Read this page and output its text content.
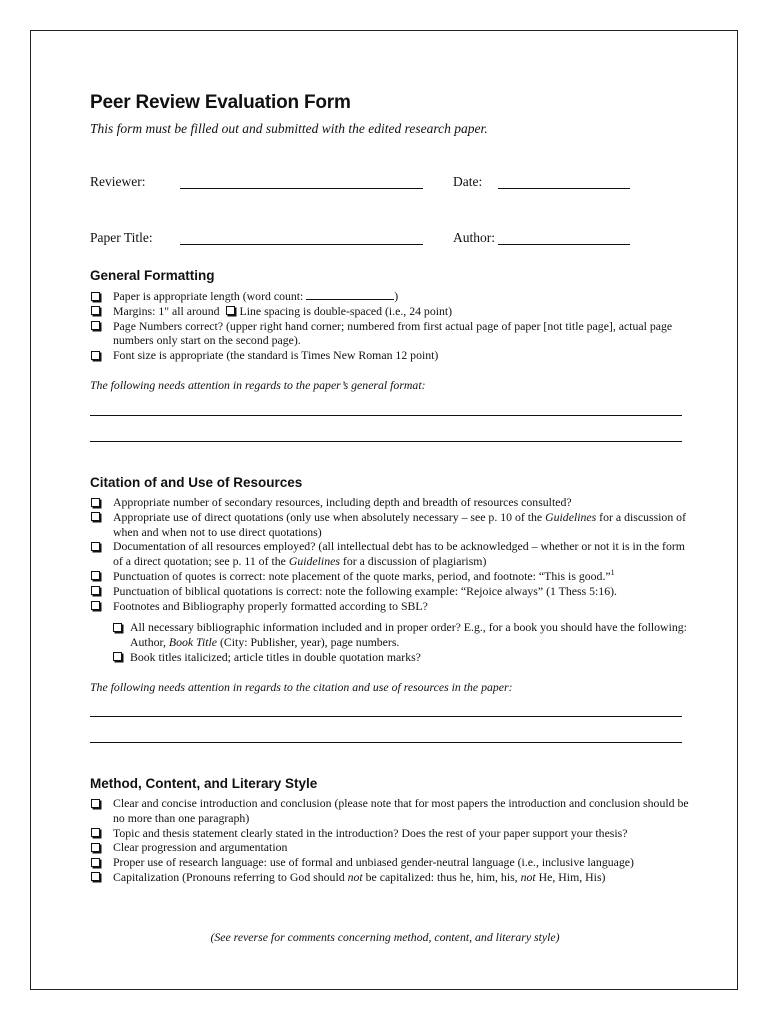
Peer Review Evaluation Form
This form must be filled out and submitted with the edited research paper.
Reviewer:	Date:
Paper Title:	Author:
General Formatting
Paper is appropriate length (word count:	)
Margins: 1" all around Line spacing is double-spaced (i.e., 24 point)
Page Numbers correct? (upper right hand corner; numbered from first actual page of paper [not title page], actual page numbers only start on the second page).
Font size is appropriate (the standard is Times New Roman 12 point)
The following needs attention in regards to the paper’s general format:
Citation of and Use of Resources
Appropriate number of secondary resources, including depth and breadth of resources consulted?
Appropriate use of direct quotations (only use when absolutely necessary – see p. 10 of the Guidelines for a discussion of when and when not to use direct quotations)
Documentation of all resources employed? (all intellectual debt has to be acknowledged – whether or not it is in the form of a direct quotation; see p. 11 of the Guidelines for a discussion of plagiarism)
Punctuation of quotes is correct: note placement of the quote marks, period, and footnote: “This is good.”$^1$
Punctuation of biblical quotations is correct: note the following example: “Rejoice always” (1 Thess 5:16).
Footnotes and Bibliography properly formatted according to SBL?
All necessary bibliographic information included and in proper order? E.g., for a book you should have the following: Author, Book Title (City: Publisher, year), page numbers.
Book titles italicized; article titles in double quotation marks?
The following needs attention in regards to the citation and use of resources in the paper:
Method, Content, and Literary Style
Clear and concise introduction and conclusion (please note that for most papers the introduction and conclusion should be no more than one paragraph)
Topic and thesis statement clearly stated in the introduction? Does the rest of your paper support your thesis?
Clear progression and argumentation
Proper use of research language: use of formal and unbiased gender-neutral language (i.e., inclusive language)
Capitalization (Pronouns referring to God should not be capitalized: thus he, him, his, not He, Him, His)
(See reverse for comments concerning method, content, and literary style)
